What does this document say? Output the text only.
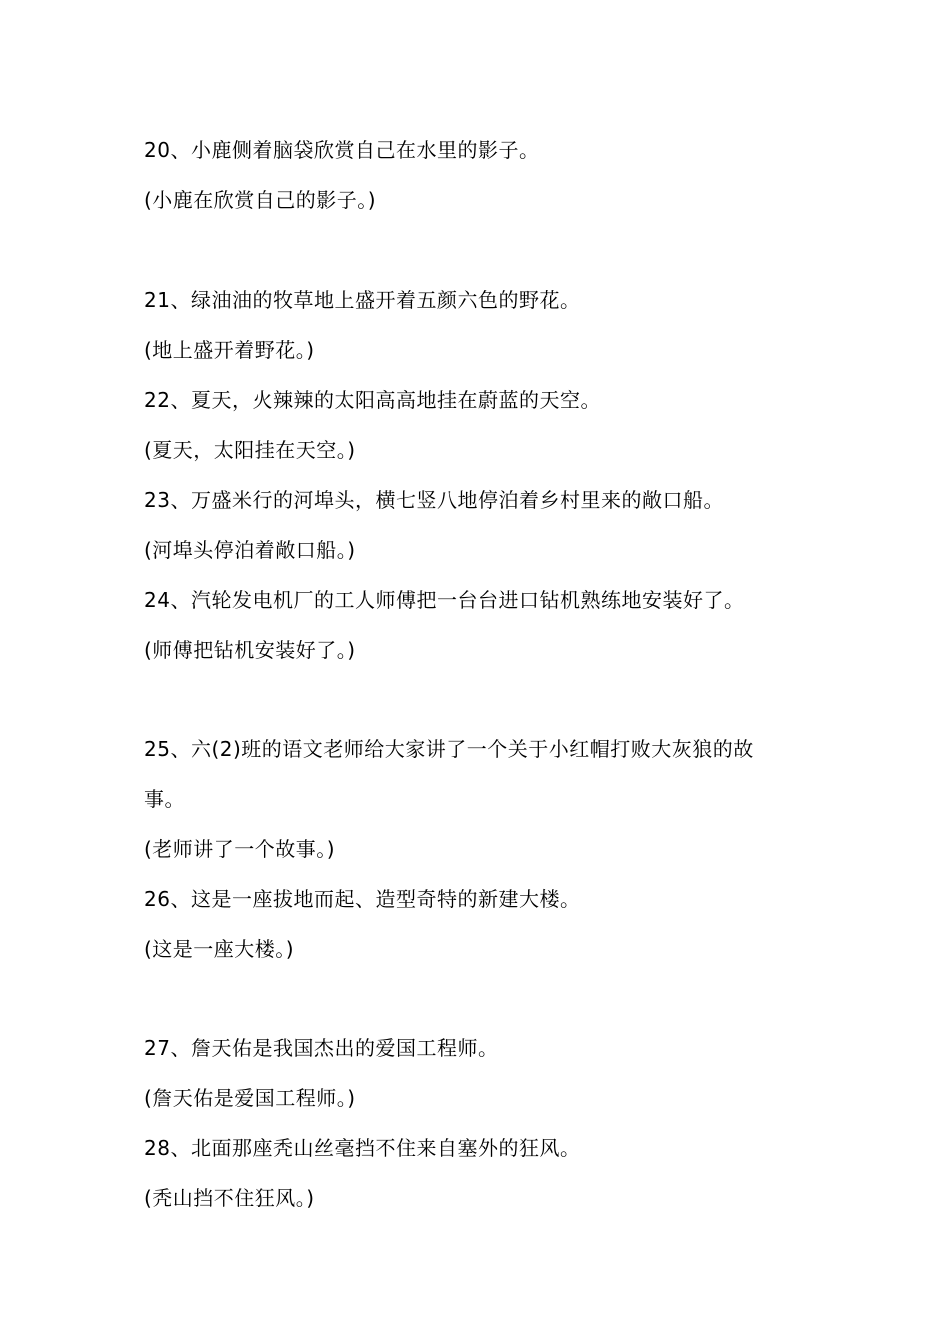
20、小鹿侧着脑袋欣赏自己在水里的影子。
(小鹿在欣赏自己的影子。)
21、绿油油的牧草地上盛开着五颜六色的野花。
(地上盛开着野花。)
22、夏天，火辣辣的太阳高高地挂在蔚蓝的天空。
(夏天，太阳挂在天空。)
23、万盛米行的河埠头，横七竖八地停泊着乡村里来的敞口船。
(河埠头停泊着敞口船。)
24、汽轮发电机厂的工人师傅把一台台进口钻机熟练地安装好了。
(师傅把钻机安装好了。)
25、六(2)班的语文老师给大家讲了一个关于小红帽打败大灰狼的故
事。
(老师讲了一个故事。)
26、这是一座拔地而起、造型奇特的新建大楼。
(这是一座大楼。)
27、詹天佑是我国杰出的爱国工程师。
(詹天佑是爱国工程师。)
28、北面那座秃山丝毫挡不住来自塞外的狂风。
(秃山挡不住狂风。)
